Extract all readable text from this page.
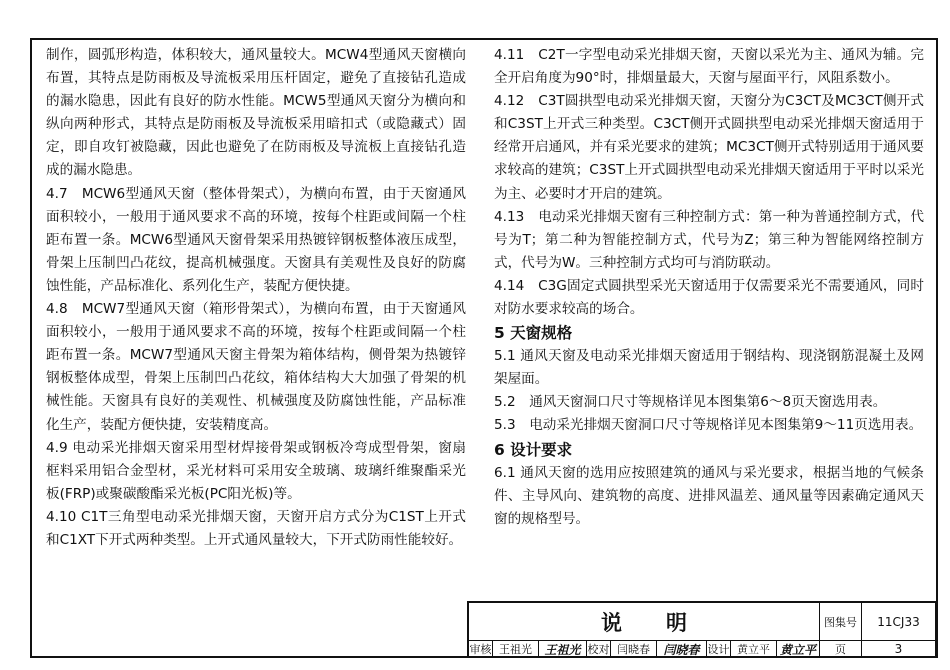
制作，圆弧形构造，体积较大，通风量较大。MCW4型通风天窗横向布置，其特点是防雨板及导流板采用压杆固定，避免了直接钻孔造成的漏水隐患，因此有良好的防水性能。MCW5型通风天窗分为横向和纵向两种形式，其特点是防雨板及导流板采用暗扣式（或隐藏式）固定，即自攻钉被隐藏，因此也避免了在防雨板及导流板上直接钻孔造成的漏水隐患。

4.7　MCW6型通风天窗（整体骨架式），为横向布置，由于天窗通风面积较小，一般用于通风要求不高的环境，按每个柱距或间隔一个柱距布置一条。MCW6型通风天窗骨架采用热镀锌钢板整体液压成型，骨架上压制凹凸花纹，提高机械强度。天窗具有美观性及良好的防腐蚀性能，产品标准化、系列化生产，装配方便快捷。

4.8　MCW7型通风天窗（箱形骨架式），为横向布置，由于天窗通风面积较小，一般用于通风要求不高的环境，按每个柱距或间隔一个柱距布置一条。MCW7型通风天窗主骨架为箱体结构，侧骨架为热镀锌钢板整体成型，骨架上压制凹凸花纹，箱体结构大大加强了骨架的机械性能。天窗具有良好的美观性、机械强度及防腐蚀性能，产品标准化生产，装配方便快捷，安装精度高。

4.9 电动采光排烟天窗采用型材焊接骨架或钢板冷弯成型骨架，窗扇框料采用铝合金型材，采光材料可采用安全玻璃、玻璃纤维聚酯采光板(FRP)或聚碳酸酯采光板(PC阳光板)等。

4.10 C1T三角型电动采光排烟天窗，天窗开启方式分为C1ST上开式和C1XT下开式两种类型。上开式通风量较大，下开式防雨性能较好。

4.11　C2T一字型电动采光排烟天窗，天窗以采光为主、通风为辅。完全开启角度为90°时，排烟量最大，天窗与屋面平行，风阻系数小。

4.12　C3T圆拱型电动采光排烟天窗，天窗分为C3CT及MC3CT侧开式和C3ST上开式三种类型。C3CT侧开式圆拱型电动采光排烟天窗适用于经常开启通风，并有采光要求的建筑；MC3CT侧开式特别适用于通风要求较高的建筑；C3ST上开式圆拱型电动采光排烟天窗适用于平时以采光为主、必要时才开启的建筑。

4.13　电动采光排烟天窗有三种控制方式：第一种为普通控制方式，代号为T；第二种为智能控制方式，代号为Z；第三种为智能网络控制方式，代号为W。三种控制方式均可与消防联动。

4.14　C3G固定式圆拱型采光天窗适用于仅需要采光不需要通风，同时对防水要求较高的场合。

5 天窗规格

5.1 通风天窗及电动采光排烟天窗适用于钢结构、现浇钢筋混凝土及网架屋面。

5.2　通风天窗洞口尺寸等规格详见本图集第6～8页天窗选用表。

5.3　电动采光排烟天窗洞口尺寸等规格详见本图集第9～11页选用表。

6 设计要求

6.1 通风天窗的选用应按照建筑的通风与采光要求，根据当地的气候条件、主导风向、建筑物的高度、进排风温差、通风量等因素确定通风天窗的规格型号。

说明	图集号	11CJ33
审核 王祖光	王祖光 校对 闫晓春	闫晓春 设计 黄立平 黄立平	页	3
